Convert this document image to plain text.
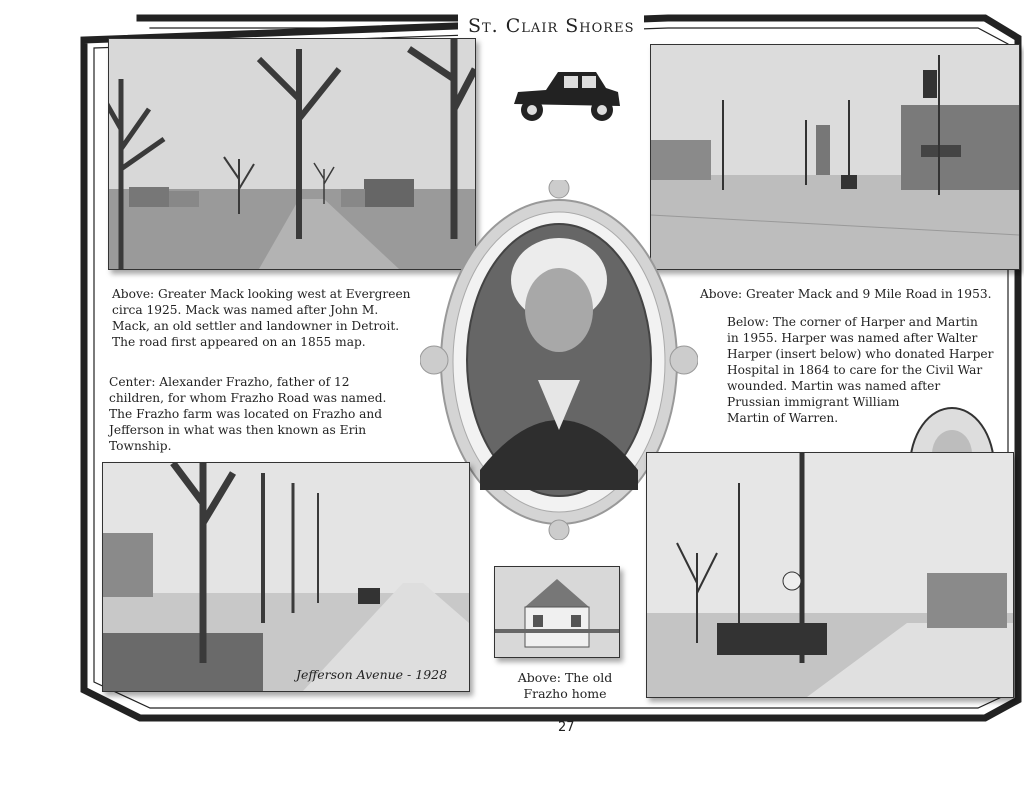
St. Clair Shores
Above: Greater Mack looking west at Evergreen
circa 1925. Mack was named after John M.
Mack, an old settler and landowner in Detroit.
The road first appeared on an 1855 map.
Center: Alexander Frazho, father of 12
children, for whom Frazho Road was named.
The Frazho farm was located on Frazho and
Jefferson in what was then known as Erin
Township.
Above: Greater Mack and 9 Mile Road in 1953.
Below: The corner of Harper and Martin
in 1955. Harper was named after Walter
Harper (insert below) who donated Harper
Hospital in 1864 to care for the Civil War
wounded. Martin was named after
Prussian immigrant William
Martin of Warren.
Jefferson Avenue - 1928	Above: The old
Frazho home
27
